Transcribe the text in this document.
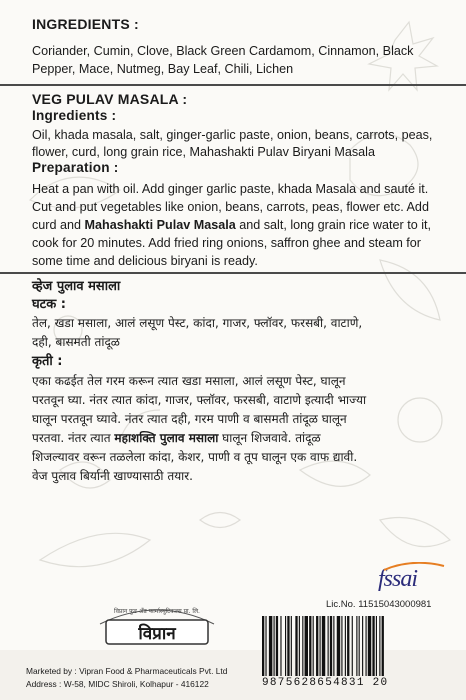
INGREDIENTS :
Coriander, Cumin, Clove, Black Green Cardamom, Cinnamon, Black
Pepper, Mace, Nutmeg, Bay Leaf, Chili, Lichen
VEG PULAV MASALA :
Ingredients :
Oil, khada masala, salt, ginger-garlic paste, onion, beans, carrots, peas,
flower, curd, long grain rice, Mahashakti Pulav Biryani Masala
Preparation :
Heat a pan with oil. Add ginger garlic paste, khada Masala and sauté it.
Cut and put vegetables like onion, beans, carrots, peas, flower etc. Add
curd and Mahashakti Pulav Masala and salt, long grain rice water to it,
cook for 20 minutes. Add fried ring onions, saffron ghee and steam for
some time and delicious biryani is ready.
व्हेज पुलाव मसाला
घटक :
तेल, खडा मसाला, आलं लसूण पेस्ट, कांदा, गाजर, फ्लॉवर, फरसबी, वाटाणे,
दही, बासमती तांदूळ
कृती :
एका कढईत तेल गरम करून त्यात खडा मसाला, आलं लसूण पेस्ट, घालून
परतवून घ्या. नंतर त्यात कांदा, गाजर, फ्लॉवर, फरसबी, वाटाणे इत्यादी भाज्या
घालून परतवून घ्यावे. नंतर त्यात दही, गरम पाणी व बासमती तांदूळ घालून
परतवा. नंतर त्यात महाशक्ति पुलाव मसाला घालून शिजवावे. तांदूळ
शिजल्यावर वरून तळलेला कांदा, केशर, पाणी व तूप घालून एक वाफ द्यावी.
वेज पुलाव बिर्यानी खाण्यासाठी तयार.
fssai
Lic.No. 11515043000981
विप्रान फूड अँड फार्मास्युटिकल्स प्रा. लि.
विप्रान
Marketed by : Vipran Food & Pharmaceuticals Pvt. Ltd
Address : W-58, MIDC Shiroli, Kolhapur - 416122	9875628654831 20
